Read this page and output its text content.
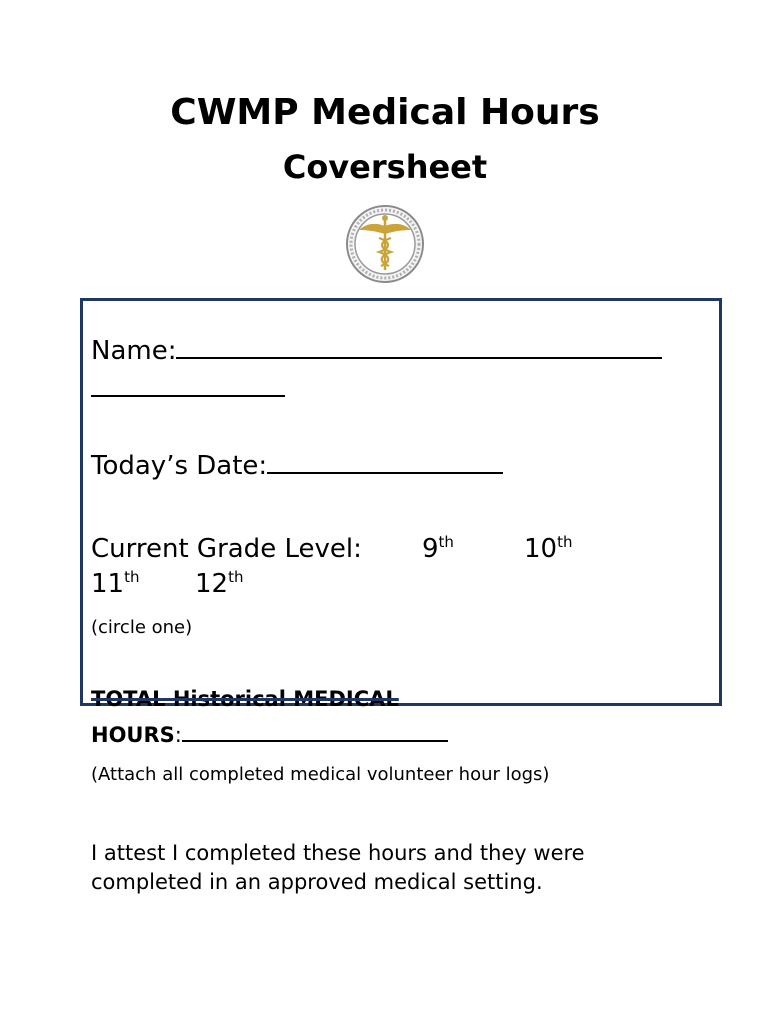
CWMP Medical Hours
Coversheet
Name:
Today’s Date:
Current Grade Level: 9th	10th
11th 12th
(circle one)
TOTAL Historical MEDICAL
HOURS:
(Attach all completed medical volunteer hour logs)
I attest I completed these hours and they were
completed in an approved medical setting.
